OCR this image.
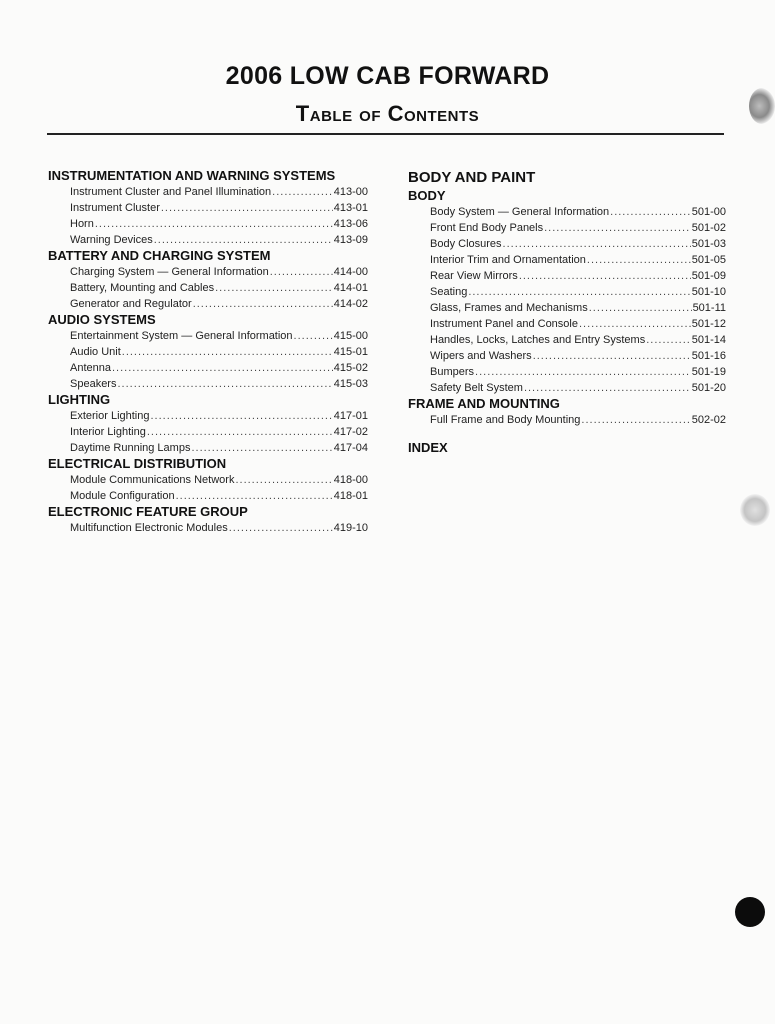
2006 LOW CAB FORWARD
Table of Contents
INSTRUMENTATION AND WARNING SYSTEMS
Instrument Cluster and Panel Illumination .....	413-00
Instrument Cluster .....	413-01
Horn .....	413-06
Warning Devices .....	413-09
BATTERY AND CHARGING SYSTEM
Charging System — General Information .....	414-00
Battery, Mounting and Cables .....	414-01
Generator and Regulator .....	414-02
AUDIO SYSTEMS
Entertainment System — General Information .....	415-00
Audio Unit .....	415-01
Antenna .....	415-02
Speakers .....	415-03
LIGHTING
Exterior Lighting .....	417-01
Interior Lighting .....	417-02
Daytime Running Lamps .....	417-04
ELECTRICAL DISTRIBUTION
Module Communications Network .....	418-00
Module Configuration .....	418-01
ELECTRONIC FEATURE GROUP
Multifunction Electronic Modules .....	419-10
BODY AND PAINT
BODY
Body System — General Information .....	501-00
Front End Body Panels .....	501-02
Body Closures .....	501-03
Interior Trim and Ornamentation .....	501-05
Rear View Mirrors .....	501-09
Seating .....	501-10
Glass, Frames and Mechanisms .....	501-11
Instrument Panel and Console .....	501-12
Handles, Locks, Latches and Entry Systems .....	501-14
Wipers and Washers .....	501-16
Bumpers .....	501-19
Safety Belt System .....	501-20
FRAME AND MOUNTING
Full Frame and Body Mounting .....	502-02
INDEX
